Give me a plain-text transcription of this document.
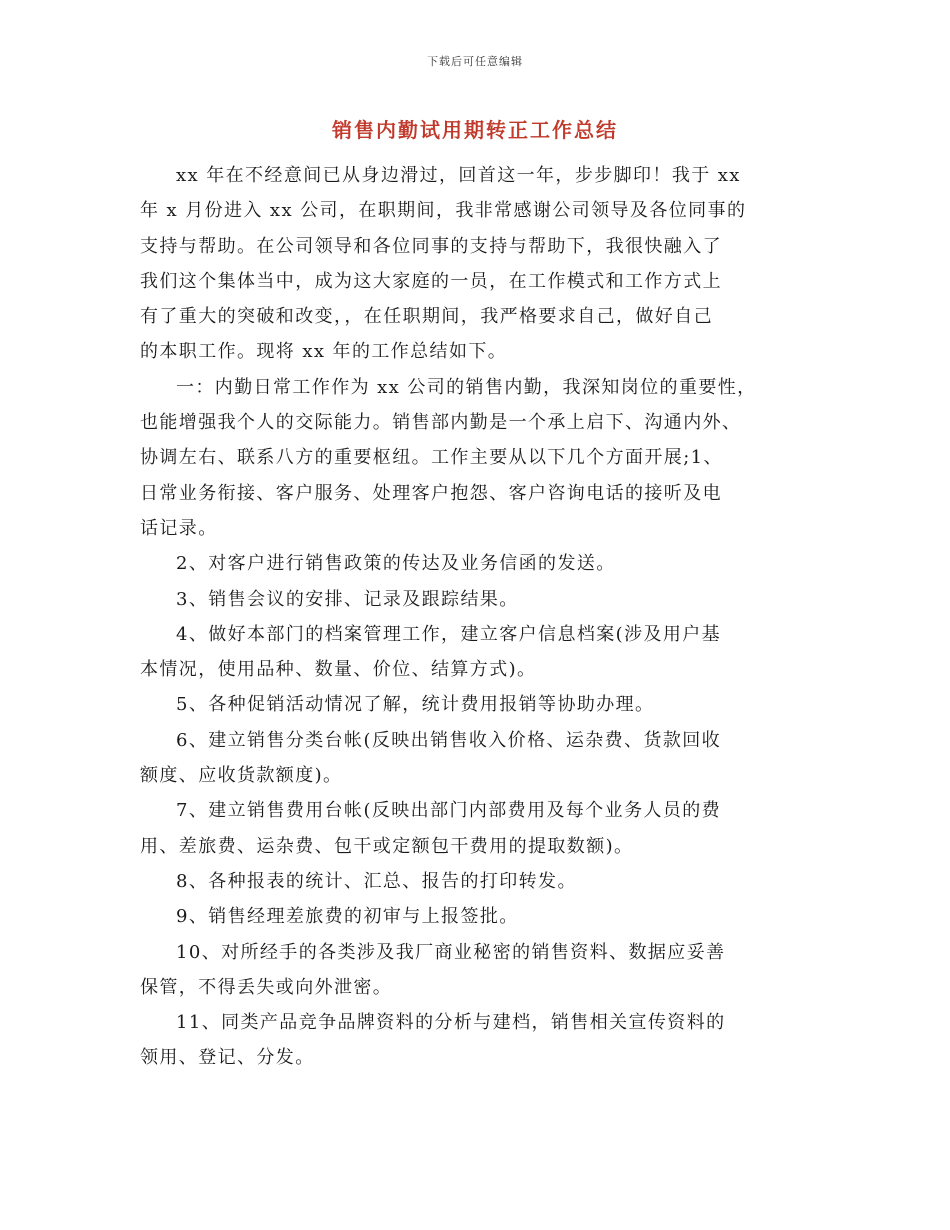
下载后可任意编辑
销售内勤试用期转正工作总结
xx 年在不经意间已从身边滑过，回首这一年，步步脚印！我于 xx
年 x 月份进入 xx 公司，在职期间，我非常感谢公司领导及各位同事的
支持与帮助。在公司领导和各位同事的支持与帮助下，我很快融入了
我们这个集体当中，成为这大家庭的一员，在工作模式和工作方式上
有了重大的突破和改变，，在任职期间，我严格要求自己，做好自己
的本职工作。现将 xx 年的工作总结如下。
一：内勤日常工作作为 xx 公司的销售内勤，我深知岗位的重要性，
也能增强我个人的交际能力。销售部内勤是一个承上启下、沟通内外、
协调左右、联系八方的重要枢纽。工作主要从以下几个方面开展;1、
日常业务衔接、客户服务、处理客户抱怨、客户咨询电话的接听及电
话记录。
2、对客户进行销售政策的传达及业务信函的发送。
3、销售会议的安排、记录及跟踪结果。
4、做好本部门的档案管理工作，建立客户信息档案(涉及用户基
本情况，使用品种、数量、价位、结算方式)。
5、各种促销活动情况了解，统计费用报销等协助办理。
6、建立销售分类台帐(反映出销售收入价格、运杂费、货款回收
额度、应收货款额度)。
7、建立销售费用台帐(反映出部门内部费用及每个业务人员的费
用、差旅费、运杂费、包干或定额包干费用的提取数额)。
8、各种报表的统计、汇总、报告的打印转发。
9、销售经理差旅费的初审与上报签批。
10、对所经手的各类涉及我厂商业秘密的销售资料、数据应妥善
保管，不得丢失或向外泄密。
11、同类产品竞争品牌资料的分析与建档，销售相关宣传资料的
领用、登记、分发。
